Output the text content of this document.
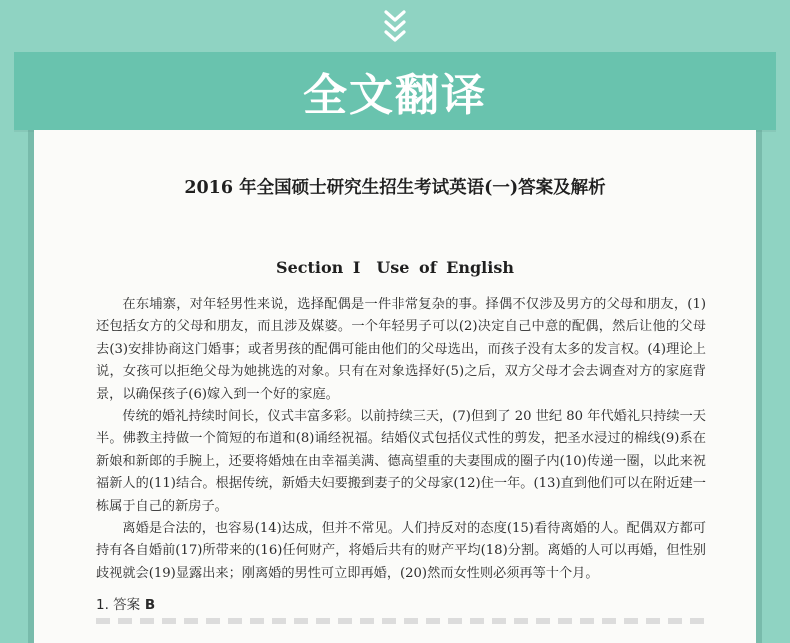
全文翻译
2016 年全国硕士研究生招生考试英语(一)答案及解析
Section I　Use of English

在东埔寨，对年轻男性来说，选择配偶是一件非常复杂的事。择偶不仅涉及男方的父母和朋友，(1)还包括女方的父母和朋友，而且涉及媒婆。一个年轻男子可以(2)决定自己中意的配偶，然后让他的父母去(3)安排协商这门婚事；或者男孩的配偶可能由他们的父母选出，而孩子没有太多的发言权。(4)理论上说，女孩可以拒绝父母为她挑选的对象。只有在对象选择好(5)之后，双方父母才会去调查对方的家庭背景，以确保孩子(6)嫁入到一个好的家庭。

传统的婚礼持续时间长，仪式丰富多彩。以前持续三天，(7)但到了 20 世纪 80 年代婚礼只持续一天半。佛教主持做一个简短的布道和(8)诵经祝福。结婚仪式包括仪式性的剪发，把圣水浸过的棉线(9)系在新娘和新郎的手腕上，还要将婚烛在由幸福美满、德高望重的夫妻围成的圈子内(10)传递一圈，以此来祝福新人的(11)结合。根据传统，新婚夫妇要搬到妻子的父母家(12)住一年。(13)直到他们可以在附近建一栋属于自己的新房子。

离婚是合法的，也容易(14)达成，但并不常见。人们持反对的态度(15)看待离婚的人。配偶双方都可持有各自婚前(17)所带来的(16)任何财产，将婚后共有的财产平均(18)分割。离婚的人可以再婚，但性别歧视就会(19)显露出来；刚离婚的男性可立即再婚，(20)然而女性则必须再等十个月。

1. 答案 B
